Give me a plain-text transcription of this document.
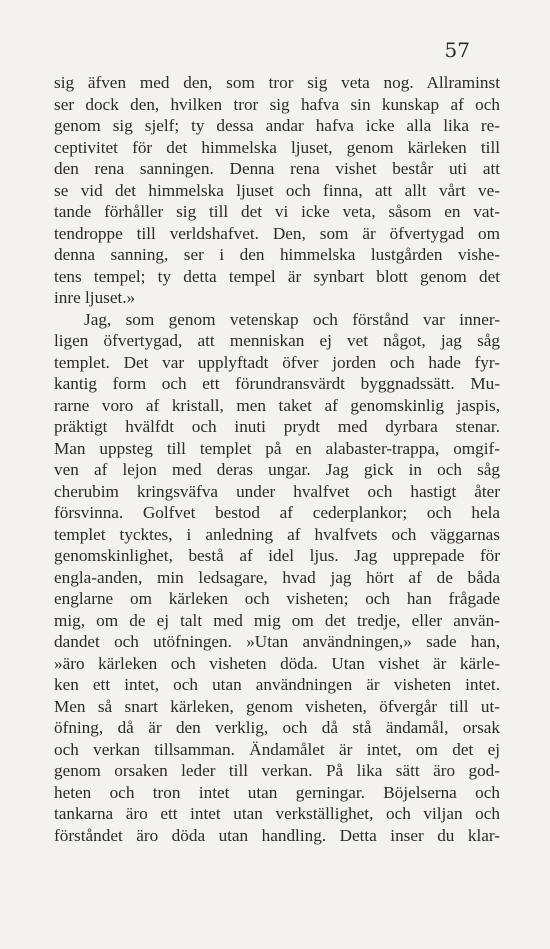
57
sig äfven med den, som tror sig veta nog. Allraminst
ser dock den, hvilken tror sig hafva sin kunskap af och
genom sig sjelf; ty dessa andar hafva icke alla lika re-
ceptivitet för det himmelska ljuset, genom kärleken till
den rena sanningen. Denna rena vishet består uti att
se vid det himmelska ljuset och finna, att allt vårt ve-
tande förhåller sig till det vi icke veta, såsom en vat-
tendroppe till verldshafvet. Den, som är öfvertygad om
denna sanning, ser i den himmelska lustgården vishe-
tens tempel; ty detta tempel är synbart blott genom det
inre ljuset.»
Jag, som genom vetenskap och förstånd var inner-
ligen öfvertygad, att menniskan ej vet något, jag såg
templet. Det var upplyftadt öfver jorden och hade fyr-
kantig form och ett förundransvärdt byggnadssätt. Mu-
rarne voro af kristall, men taket af genomskinlig jaspis,
präktigt hvälfdt och inuti prydt med dyrbara stenar.
Man uppsteg till templet på en alabaster-trappa, omgif-
ven af lejon med deras ungar. Jag gick in och såg
cherubim kringsväfva under hvalfvet och hastigt åter
försvinna. Golfvet bestod af cederplankor; och hela
templet tycktes, i anledning af hvalfvets och väggarnas
genomskinlighet, bestå af idel ljus. Jag upprepade för
engla-anden, min ledsagare, hvad jag hört af de båda
englarne om kärleken och visheten; och han frågade
mig, om de ej talt med mig om det tredje, eller använ-
dandet och utöfningen. »Utan användningen,» sade han,
»äro kärleken och visheten döda. Utan vishet är kärle-
ken ett intet, och utan användningen är visheten intet.
Men så snart kärleken, genom visheten, öfvergår till ut-
öfning, då är den verklig, och då stå ändamål, orsak
och verkan tillsamman. Ändamålet är intet, om det ej
genom orsaken leder till verkan. På lika sätt äro god-
heten och tron intet utan gerningar. Böjelserna och
tankarna äro ett intet utan verkställighet, och viljan och
förståndet äro döda utan handling. Detta inser du klar-
